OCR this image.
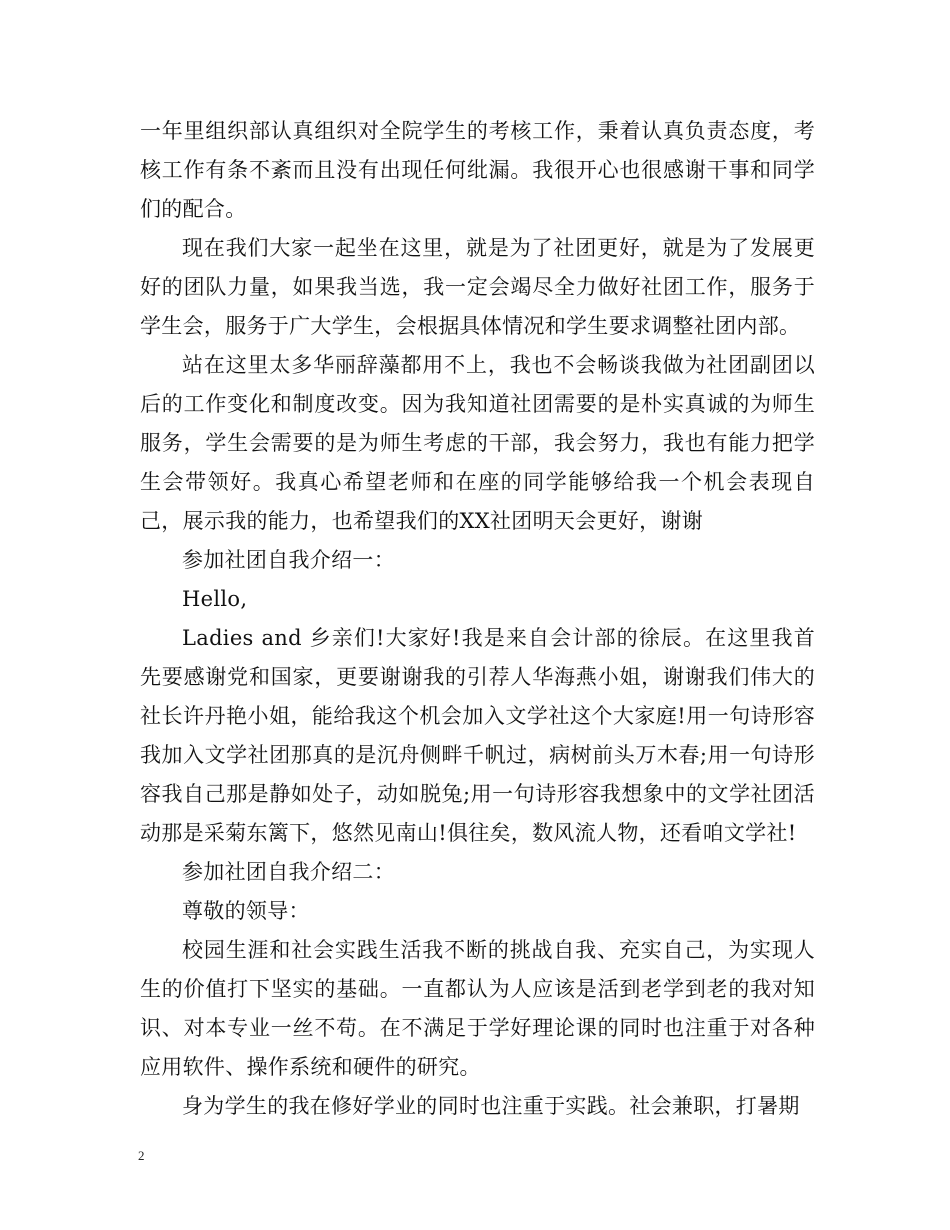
一年里组织部认真组织对全院学生的考核工作，秉着认真负责态度，考核工作有条不紊而且没有出现任何纰漏。我很开心也很感谢干事和同学们的配合。

现在我们大家一起坐在这里，就是为了社团更好，就是为了发展更好的团队力量，如果我当选，我一定会竭尽全力做好社团工作，服务于学生会，服务于广大学生，会根据具体情况和学生要求调整社团内部。

站在这里太多华丽辞藻都用不上，我也不会畅谈我做为社团副团以后的工作变化和制度改变。因为我知道社团需要的是朴实真诚的为师生服务，学生会需要的是为师生考虑的干部，我会努力，我也有能力把学生会带领好。我真心希望老师和在座的同学能够给我一个机会表现自己，展示我的能力，也希望我们的XX社团明天会更好，谢谢

参加社团自我介绍一：

Hello,

Ladies and 乡亲们!大家好!我是来自会计部的徐辰。在这里我首先要感谢党和国家，更要谢谢我的引荐人华海燕小姐，谢谢我们伟大的社长许丹艳小姐，能给我这个机会加入文学社这个大家庭!用一句诗形容我加入文学社团那真的是沉舟侧畔千帆过，病树前头万木春;用一句诗形容我自己那是静如处子，动如脱兔;用一句诗形容我想象中的文学社团活动那是采菊东篱下，悠然见南山!俱往矣，数风流人物，还看咱文学社!

参加社团自我介绍二：

尊敬的领导：

校园生涯和社会实践生活我不断的挑战自我、充实自己，为实现人生的价值打下坚实的基础。一直都认为人应该是活到老学到老的我对知识、对本专业一丝不苟。在不满足于学好理论课的同时也注重于对各种应用软件、操作系统和硬件的研究。

身为学生的我在修好学业的同时也注重于实践。社会兼职，打暑期

2
